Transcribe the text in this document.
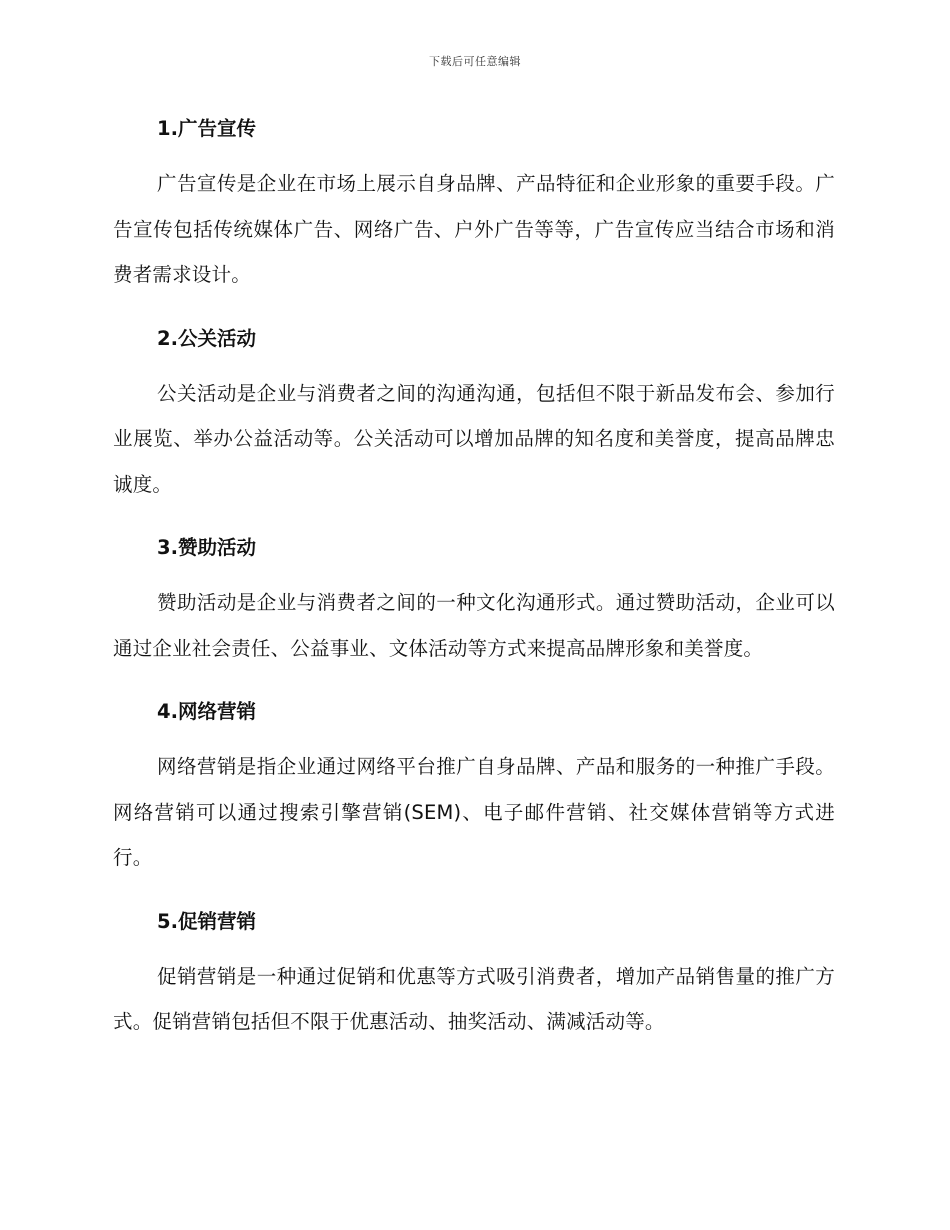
下载后可任意编辑
1.广告宣传

广告宣传是企业在市场上展示自身品牌、产品特征和企业形象的重要手段。广告宣传包括传统媒体广告、网络广告、户外广告等等，广告宣传应当结合市场和消费者需求设计。

2.公关活动

公关活动是企业与消费者之间的沟通沟通，包括但不限于新品发布会、参加行业展览、举办公益活动等。公关活动可以增加品牌的知名度和美誉度，提高品牌忠诚度。

3.赞助活动

赞助活动是企业与消费者之间的一种文化沟通形式。通过赞助活动，企业可以通过企业社会责任、公益事业、文体活动等方式来提高品牌形象和美誉度。

4.网络营销

网络营销是指企业通过网络平台推广自身品牌、产品和服务的一种推广手段。网络营销可以通过搜索引擎营销(SEM)、电子邮件营销、社交媒体营销等方式进行。

5.促销营销

促销营销是一种通过促销和优惠等方式吸引消费者，增加产品销售量的推广方式。促销营销包括但不限于优惠活动、抽奖活动、满减活动等。
